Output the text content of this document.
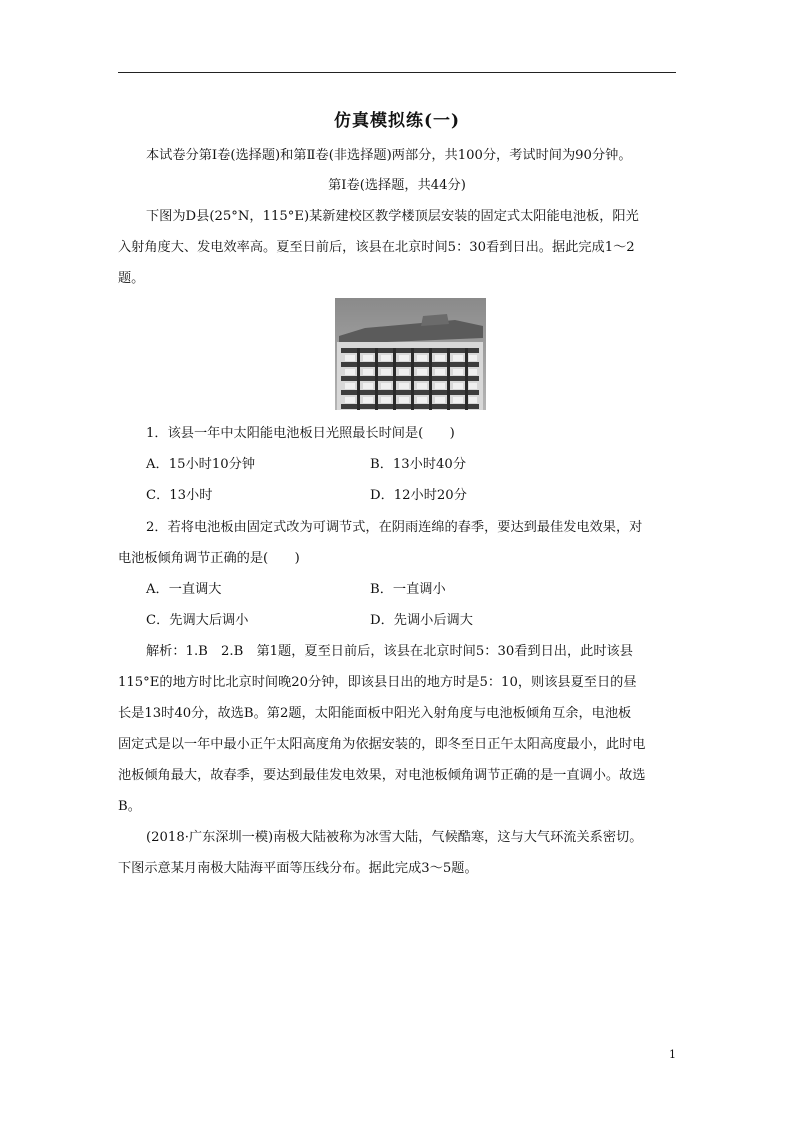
仿真模拟练(一)
本试卷分第Ⅰ卷(选择题)和第Ⅱ卷(非选择题)两部分，共100分，考试时间为90分钟。
第Ⅰ卷(选择题，共44分)
下图为D县(25°N，115°E)某新建校区教学楼顶层安装的固定式太阳能电池板，阳光
入射角度大、发电效率高。夏至日前后，该县在北京时间5：30看到日出。据此完成1～2
题。
1．该县一年中太阳能电池板日光照最长时间是(　　)
A．15小时10分钟	B．13小时40分
C．13小时	D．12小时20分
2．若将电池板由固定式改为可调节式，在阴雨连绵的春季，要达到最佳发电效果，对
电池板倾角调节正确的是(　　)
A．一直调大	B．一直调小
C．先调大后调小	D．先调小后调大
解析：1.B　2.B　第1题，夏至日前后，该县在北京时间5：30看到日出，此时该县
115°E的地方时比北京时间晚20分钟，即该县日出的地方时是5：10，则该县夏至日的昼
长是13时40分，故选B。第2题，太阳能面板中阳光入射角度与电池板倾角互余，电池板
固定式是以一年中最小正午太阳高度角为依据安装的，即冬至日正午太阳高度最小，此时电
池板倾角最大，故春季，要达到最佳发电效果，对电池板倾角调节正确的是一直调小。故选
B。
(2018·广东深圳一模)南极大陆被称为冰雪大陆，气候酷寒，这与大气环流关系密切。
下图示意某月南极大陆海平面等压线分布。据此完成3～5题。
1
